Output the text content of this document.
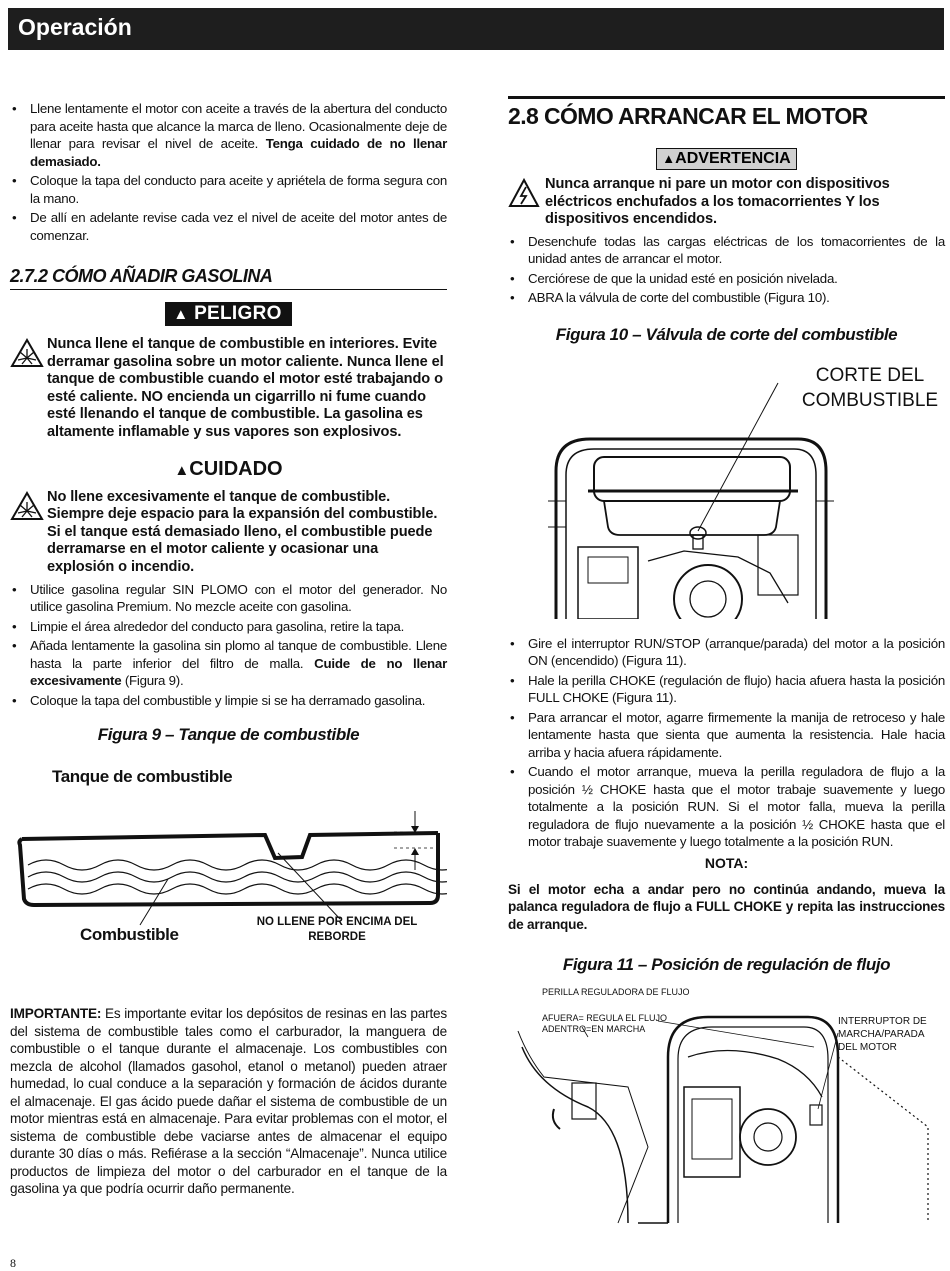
Operación
• Llene lentamente el motor con aceite a través de la abertura del conducto para aceite hasta que alcance la marca de lleno. Ocasionalmente deje de llenar para revisar el nivel de aceite. Tenga cuidado de no llenar demasiado.
• Coloque la tapa del conducto para aceite y apriétela de forma segura con la mano.
• De allí en adelante revise cada vez el nivel de aceite del motor antes de comenzar.
2.7.2 CÓMO AÑADIR GASOLINA
▲ PELIGRO
Nunca llene el tanque de combustible en interiores. Evite derramar gasolina sobre un motor caliente. Nunca llene el tanque de combustible cuando el motor esté trabajando o esté caliente. NO encienda un cigarrillo ni fume cuando esté llenando el tanque de combustible. La gasolina es altamente inflamable y sus vapores son explosivos.
▲CUIDADO
No llene excesivamente el tanque de combustible. Siempre deje espacio para la expansión del combustible. Si el tanque está demasiado lleno, el combustible puede derramarse en el motor caliente y ocasionar una explosión o incendio.
• Utilice gasolina regular SIN PLOMO con el motor del generador. No utilice gasolina Premium. No mezcle aceite con gasolina.
• Limpie el área alrededor del conducto para gasolina, retire la tapa.
• Añada lentamente la gasolina sin plomo al tanque de combustible. Llene hasta la parte inferior del filtro de malla. Cuide de no llenar excesivamente (Figura 9).
• Coloque la tapa del combustible y limpie si se ha derramado gasolina.
Figura 9 – Tanque de combustible
Tanque de combustible
Combustible
NO LLENE POR ENCIMA DEL REBORDE
IMPORTANTE: Es importante evitar los depósitos de resinas en las partes del sistema de combustible tales como el carburador, la manguera de combustible o el tanque durante el almacenaje. Los combustibles con mezcla de alcohol (llamados gasohol, etanol o metanol) pueden atraer humedad, lo cual conduce a la separación y formación de ácidos durante el almacenaje. El gas ácido puede dañar el sistema de combustible de un motor mientras está en almacenaje. Para evitar problemas con el motor, el sistema de combustible debe vaciarse antes de almacenar el equipo durante 30 días o más. Refiérase a la sección “Almacenaje”. Nunca utilice productos de limpieza del motor o del carburador en el tanque de la gasolina ya que podría ocurrir daño permanente.
2.8 CÓMO ARRANCAR EL MOTOR
▲ADVERTENCIA
Nunca arranque ni pare un motor con dispositivos eléctricos enchufados a los tomacorrientes Y los dispositivos encendidos.
• Desenchufe todas las cargas eléctricas de los tomacorrientes de la unidad antes de arrancar el motor.
• Cerciórese de que la unidad esté en posición nivelada.
• ABRA la válvula de corte del combustible (Figura 10).
Figura 10 – Válvula de corte del combustible
CORTE DEL
COMBUSTIBLE
• Gire el interruptor RUN/STOP (arranque/parada) del motor a la posición ON (encendido) (Figura 11).
• Hale la perilla CHOKE (regulación de flujo) hacia afuera hasta la posición FULL CHOKE (Figura 11).
• Para arrancar el motor, agarre firmemente la manija de retroceso y hale lentamente hasta que sienta que aumenta la resistencia. Hale hacia arriba y hacia afuera rápidamente.
• Cuando el motor arranque, mueva la perilla reguladora de flujo a la posición ½ CHOKE hasta que el motor trabaje suavemente y luego totalmente a la posición RUN. Si el motor falla, mueva la perilla reguladora de flujo nuevamente a la posición ½ CHOKE hasta que el motor trabaje suavemente y luego totalmente a la posición RUN.
NOTA:
Si el motor echa a andar pero no continúa andando, mueva la palanca reguladora de flujo a FULL CHOKE y repita las instrucciones de arranque.
Figura 11 – Posición de regulación de flujo
PERILLA REGULADORA DE FLUJO
AFUERA= REGULA EL FLUJO
ADENTRO=EN MARCHA
INTERRUPTOR DE
MARCHA/PARADA
DEL MOTOR
8
